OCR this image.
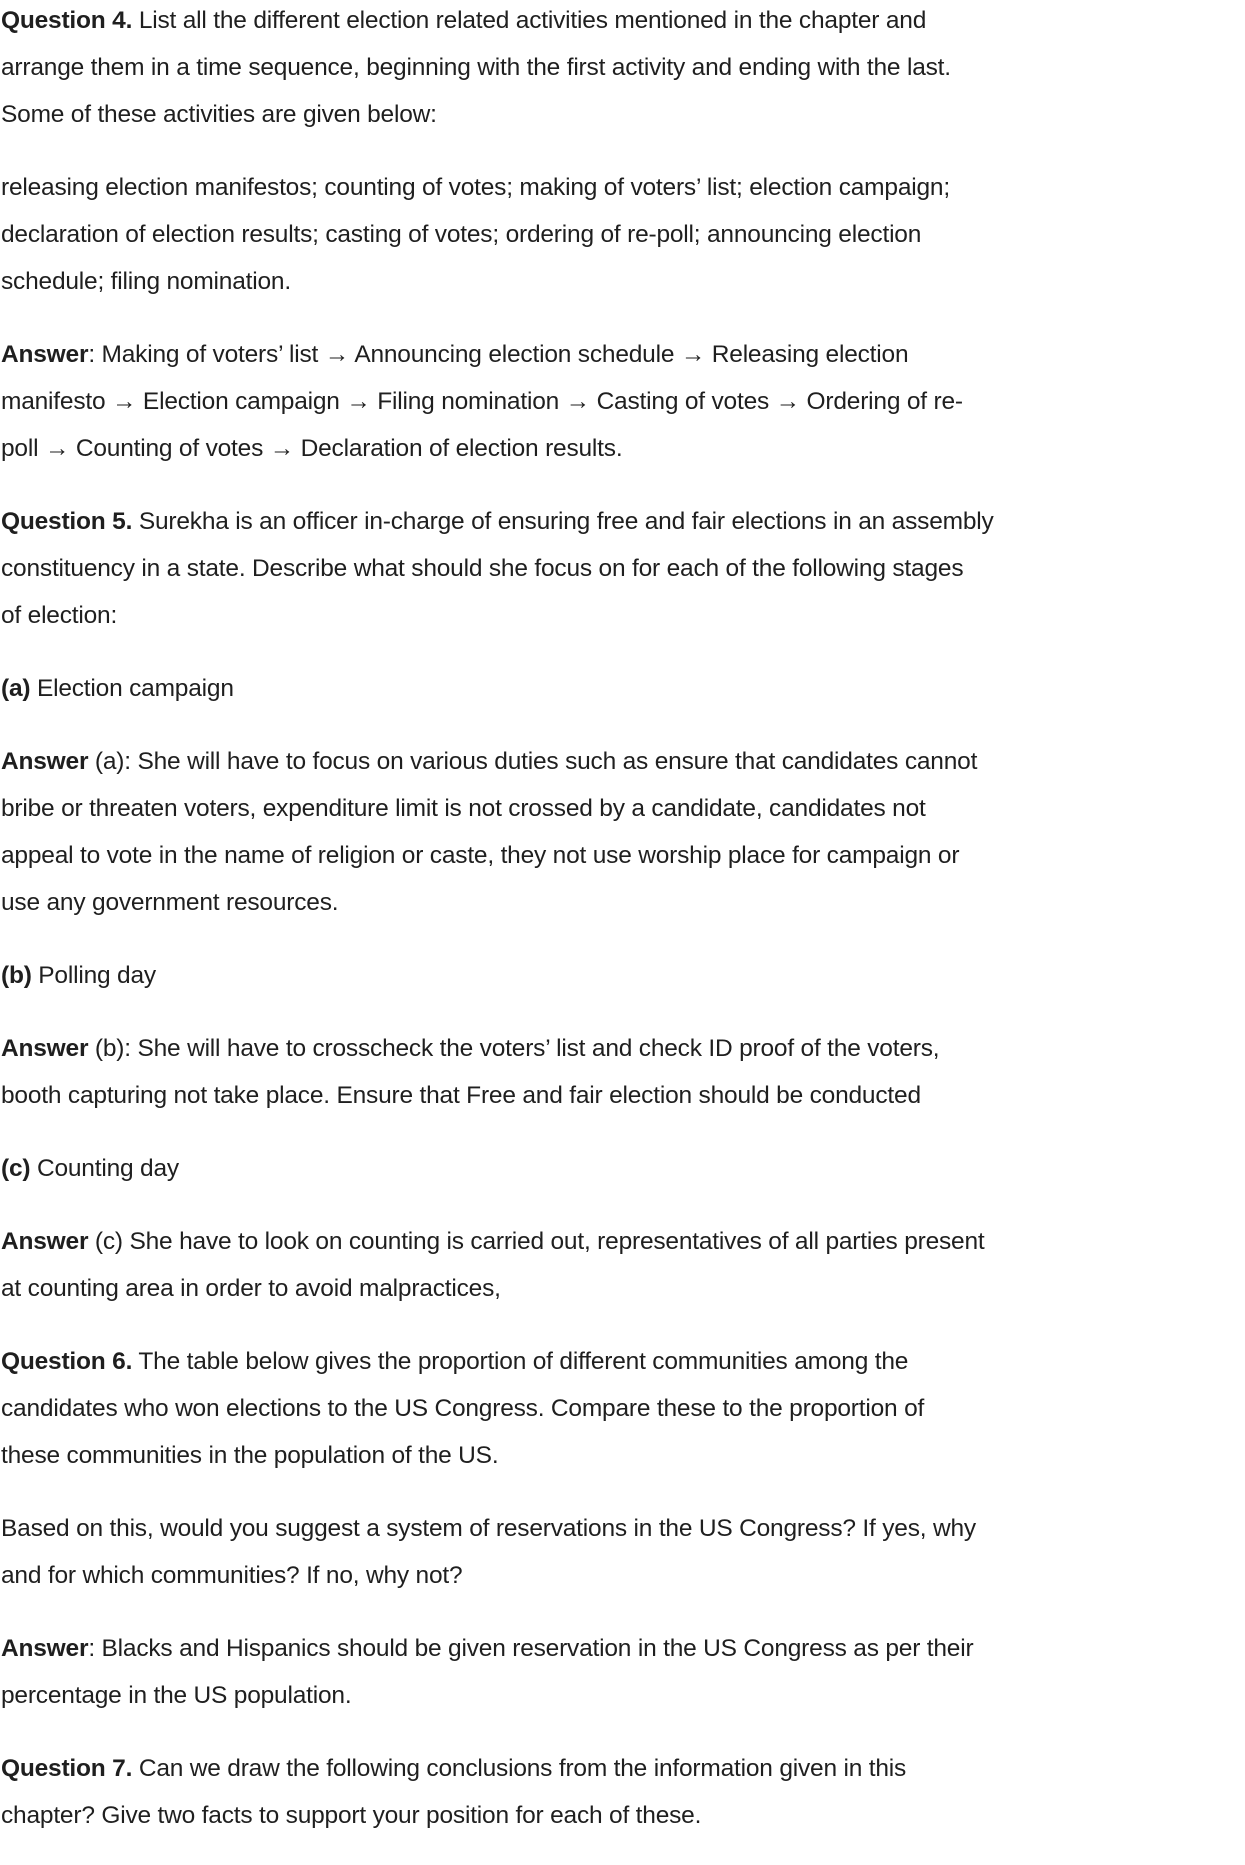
Question 4. List all the different election related activities mentioned in the chapter and
arrange them in a time sequence, beginning with the first activity and ending with the last.
Some of these activities are given below:
releasing election manifestos; counting of votes; making of voters’ list; election campaign;
declaration of election results; casting of votes; ordering of re-poll; announcing election
schedule; filing nomination.
Answer: Making of voters’ list → Announcing election schedule → Releasing election
manifesto → Election campaign → Filing nomination → Casting of votes → Ordering of re-
poll → Counting of votes → Declaration of election results.
Question 5. Surekha is an officer in-charge of ensuring free and fair elections in an assembly
constituency in a state. Describe what should she focus on for each of the following stages
of election:
(a) Election campaign
Answer (a): She will have to focus on various duties such as ensure that candidates cannot
bribe or threaten voters, expenditure limit is not crossed by a candidate, candidates not
appeal to vote in the name of religion or caste, they not use worship place for campaign or
use any government resources.
(b) Polling day
Answer (b): She will have to crosscheck the voters’ list and check ID proof of the voters,
booth capturing not take place. Ensure that Free and fair election should be conducted
(c) Counting day
Answer (c) She have to look on counting is carried out, representatives of all parties present
at counting area in order to avoid malpractices,
Question 6. The table below gives the proportion of different communities among the
candidates who won elections to the US Congress. Compare these to the proportion of
these communities in the population of the US.
Based on this, would you suggest a system of reservations in the US Congress? If yes, why
and for which communities? If no, why not?
Answer: Blacks and Hispanics should be given reservation in the US Congress as per their
percentage in the US population.
Question 7. Can we draw the following conclusions from the information given in this
chapter? Give two facts to support your position for each of these.
